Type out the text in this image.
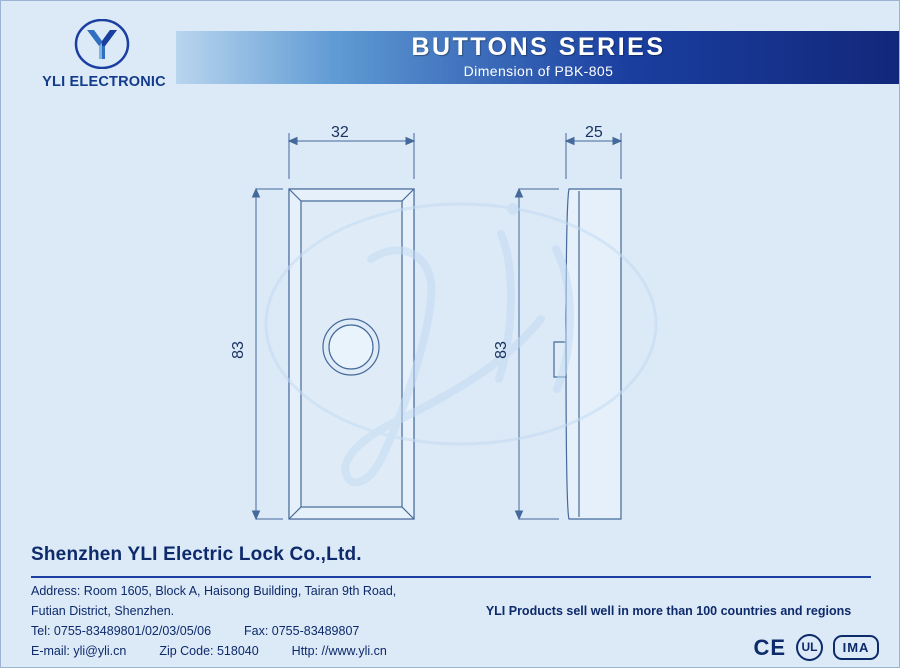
BUTTONS SERIES
Dimension of PBK-805
YLI ELECTRONIC
32	25
83	83
Shenzhen YLI Electric Lock Co.,Ltd.
Address: Room 1605, Block A, Haisong Building, Tairan 9th Road,
Futian District, Shenzhen.
Tel: 0755-83489801/02/03/05/06	Fax: 0755-83489807
E-mail: yli@yli.cn	Zip Code: 518040	Http: //www.yli.cn
YLI Products sell well in more than 100 countries and regions
CE	UL	IMA
